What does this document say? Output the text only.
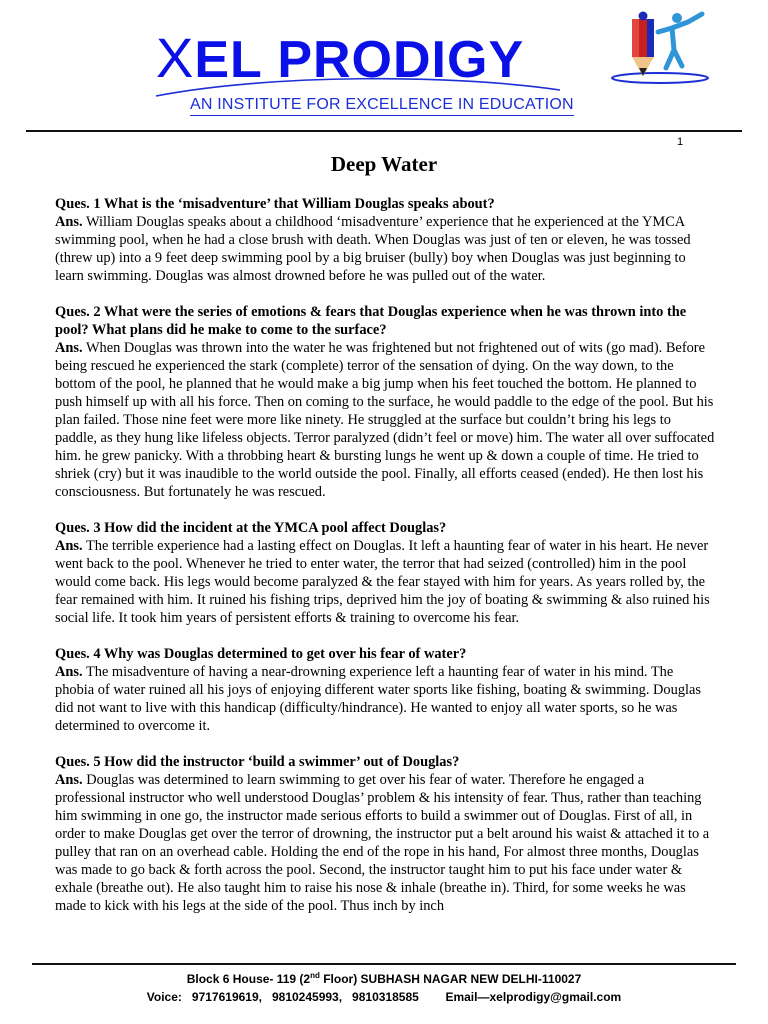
XEL PRODIGY
AN INSTITUTE FOR EXCELLENCE IN EDUCATION
1
Deep Water
Ques. 1 What is the ‘misadventure’ that William Douglas speaks about?
Ans. William Douglas speaks about a childhood ‘misadventure’ experience that he experienced at the YMCA swimming pool, when he had a close brush with death. When Douglas was just of ten or eleven, he was tossed (threw up) into a 9 feet deep swimming pool by a big bruiser (bully) boy when Douglas was just beginning to learn swimming. Douglas was almost drowned before he was pulled out of the water.
Ques. 2 What were the series of emotions & fears that Douglas experience when he was thrown into the pool? What plans did he make to come to the surface?
Ans. When Douglas was thrown into the water he was frightened but not frightened out of wits (go mad). Before being rescued he experienced the stark (complete) terror of the sensation of dying. On the way down, to the bottom of the pool, he planned that he would make a big jump when his feet touched the bottom. He planned to push himself up with all his force. Then on coming to the surface, he would paddle to the edge of the pool. But his plan failed. Those nine feet were more like ninety. He struggled at the surface but couldn’t bring his legs to paddle, as they hung like lifeless objects. Terror paralyzed (didn’t feel or move) him. The water all over suffocated him. he grew panicky. With a throbbing heart & bursting lungs he went up & down a couple of time. He tried to shriek (cry) but it was inaudible to the world outside the pool. Finally, all efforts ceased (ended). He then lost his consciousness. But fortunately he was rescued.
Ques. 3 How did the incident at the YMCA pool affect Douglas?
Ans. The terrible experience had a lasting effect on Douglas. It left a haunting fear of water in his heart. He never went back to the pool. Whenever he tried to enter water, the terror that had seized (controlled) him in the pool would come back. His legs would become paralyzed & the fear stayed with him for years. As years rolled by, the fear remained with him. It ruined his fishing trips, deprived him the joy of boating & swimming & also ruined his social life. It took him years of persistent efforts & training to overcome his fear.
Ques. 4 Why was Douglas determined to get over his fear of water?
Ans. The misadventure of having a near-drowning experience left a haunting fear of water in his mind. The phobia of water ruined all his joys of enjoying different water sports like fishing, boating & swimming. Douglas did not want to live with this handicap (difficulty/hindrance). He wanted to enjoy all water sports, so he was determined to overcome it.
Ques. 5 How did the instructor ‘build a swimmer’ out of Douglas?
Ans. Douglas was determined to learn swimming to get over his fear of water. Therefore he engaged a professional instructor who well understood Douglas’ problem & his intensity of fear. Thus, rather than teaching him swimming in one go, the instructor made serious efforts to build a swimmer out of Douglas. First of all, in order to make Douglas get over the terror of drowning, the instructor put a belt around his waist & attached it to a pulley that ran on an overhead cable. Holding the end of the rope in his hand, For almost three months, Douglas was made to go back & forth across the pool. Second, the instructor taught him to put his face under water & exhale (breathe out). He also taught him to raise his nose & inhale (breathe in). Third, for some weeks he was made to kick with his legs at the side of the pool. Thus inch by inch
Block 6 House- 119 (2nd Floor) SUBHASH NAGAR NEW DELHI-110027
Voice:   9717619619,   9810245993,   9810318585        Email—xelprodigy@gmail.com
